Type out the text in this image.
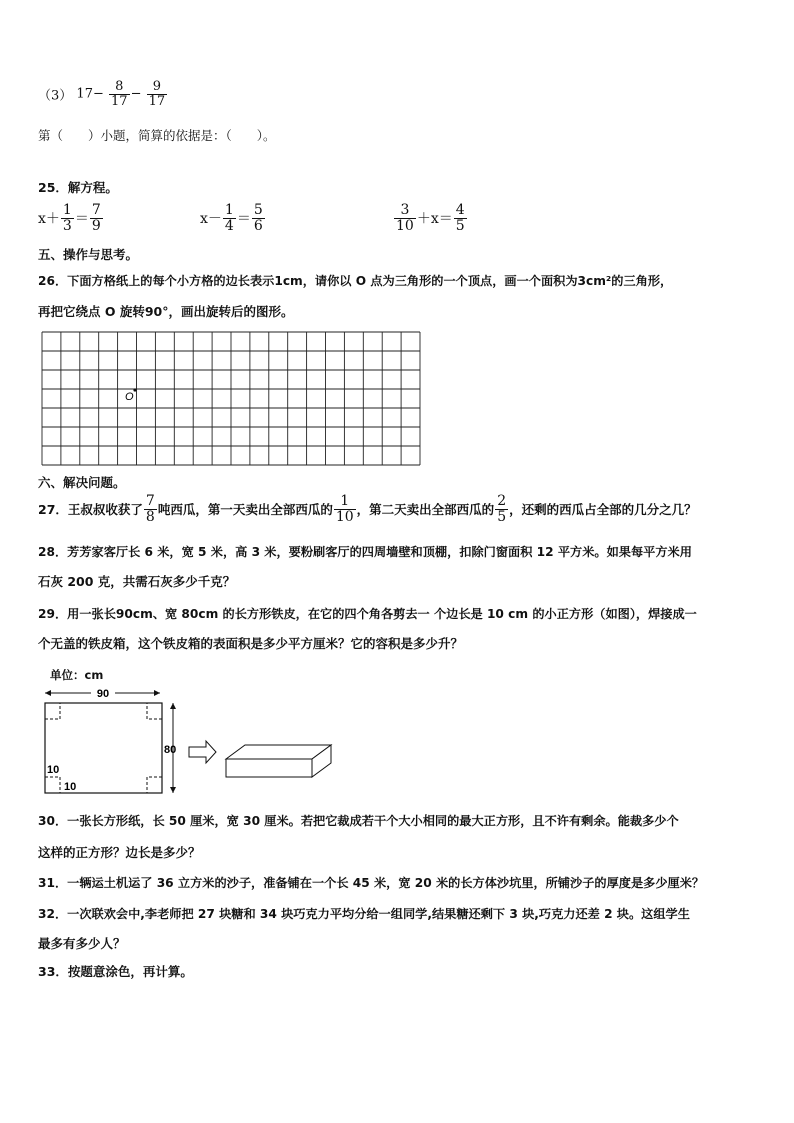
（3） $17- \frac{8}{17} - \frac{9}{17}$
第（　　）小题，简算的依据是：（　　）。
25．解方程。
$x+ \frac{1}{3} = \frac{7}{9}$	$x- \frac{1}{4} = \frac{5}{6}$	$\frac{3}{10} +x= \frac{4}{5}$
五、操作与思考。
26．下面方格纸上的每个小方格的边长表示1cm，请你以 O 点为三角形的一个顶点，画一个面积为3cm²的三角形，
再把它绕点 O 旋转90°，画出旋转后的图形。
O
六、解决问题。
27．王叔叔收获了 $\frac{7}{8}$ 吨西瓜，第一天卖出全部西瓜的 $\frac{1}{10}$ ，第二天卖出全部西瓜的 $\frac{2}{5}$ ，还剩的西瓜占全部的几分之几？
28．芳芳家客厅长 6 米，宽 5 米，高 3 米，要粉刷客厅的四周墙壁和顶棚，扣除门窗面积 12 平方米。如果每平方米用
石灰 200 克，共需石灰多少千克？
29．用一张长90cm、宽 80cm 的长方形铁皮，在它的四个角各剪去一 个边长是 10 cm 的小正方形（如图），焊接成一
个无盖的铁皮箱，这个铁皮箱的表面积是多少平方厘米？它的容积是多少升？
单位：cm
90
10
10
80
30．一张长方形纸，长 50 厘米，宽 30 厘米。若把它裁成若干个大小相同的最大正方形，且不许有剩余。能裁多少个
这样的正方形？边长是多少？
31．一辆运土机运了 36 立方米的沙子，准备铺在一个长 45 米，宽 20 米的长方体沙坑里，所铺沙子的厚度是多少厘米？
32．一次联欢会中,李老师把 27 块糖和 34 块巧克力平均分给一组同学,结果糖还剩下 3 块,巧克力还差 2 块。这组学生
最多有多少人？
33．按题意涂色，再计算。
